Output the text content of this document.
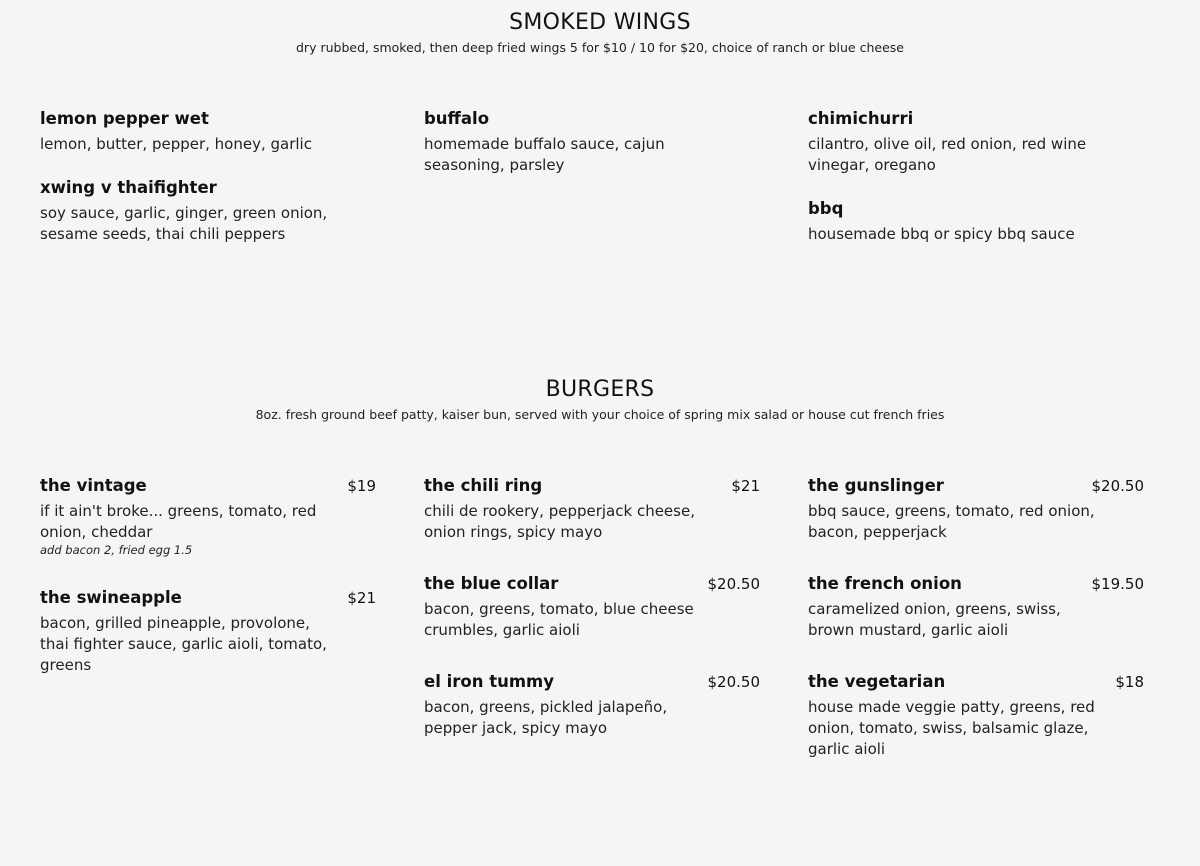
SMOKED WINGS
dry rubbed, smoked, then deep fried wings 5 for $10 / 10 for $20, choice of ranch or blue cheese
lemon pepper wet
lemon, butter, pepper, honey, garlic
xwing v thaifighter
soy sauce, garlic, ginger, green onion, sesame seeds, thai chili peppers
buffalo
homemade buffalo sauce, cajun seasoning, parsley
chimichurri
cilantro, olive oil, red onion, red wine vinegar, oregano
bbq
housemade bbq or spicy bbq sauce
BURGERS
8oz. fresh ground beef patty, kaiser bun, served with your choice of spring mix salad or house cut french fries
the vintage	$19
if it ain't broke... greens, tomato, red onion, cheddar
add bacon 2, fried egg 1.5
the swineapple	$21
bacon, grilled pineapple, provolone, thai fighter sauce, garlic aioli, tomato, greens
the chili ring	$21
chili de rookery, pepperjack cheese, onion rings, spicy mayo
the blue collar	$20.50
bacon, greens, tomato, blue cheese crumbles, garlic aioli
el iron tummy	$20.50
bacon, greens, pickled jalapeño, pepper jack, spicy mayo
the gunslinger	$20.50
bbq sauce, greens, tomato, red onion, bacon, pepperjack
the french onion	$19.50
caramelized onion, greens, swiss, brown mustard, garlic aioli
the vegetarian	$18
house made veggie patty, greens, red onion, tomato, swiss, balsamic glaze, garlic aioli
